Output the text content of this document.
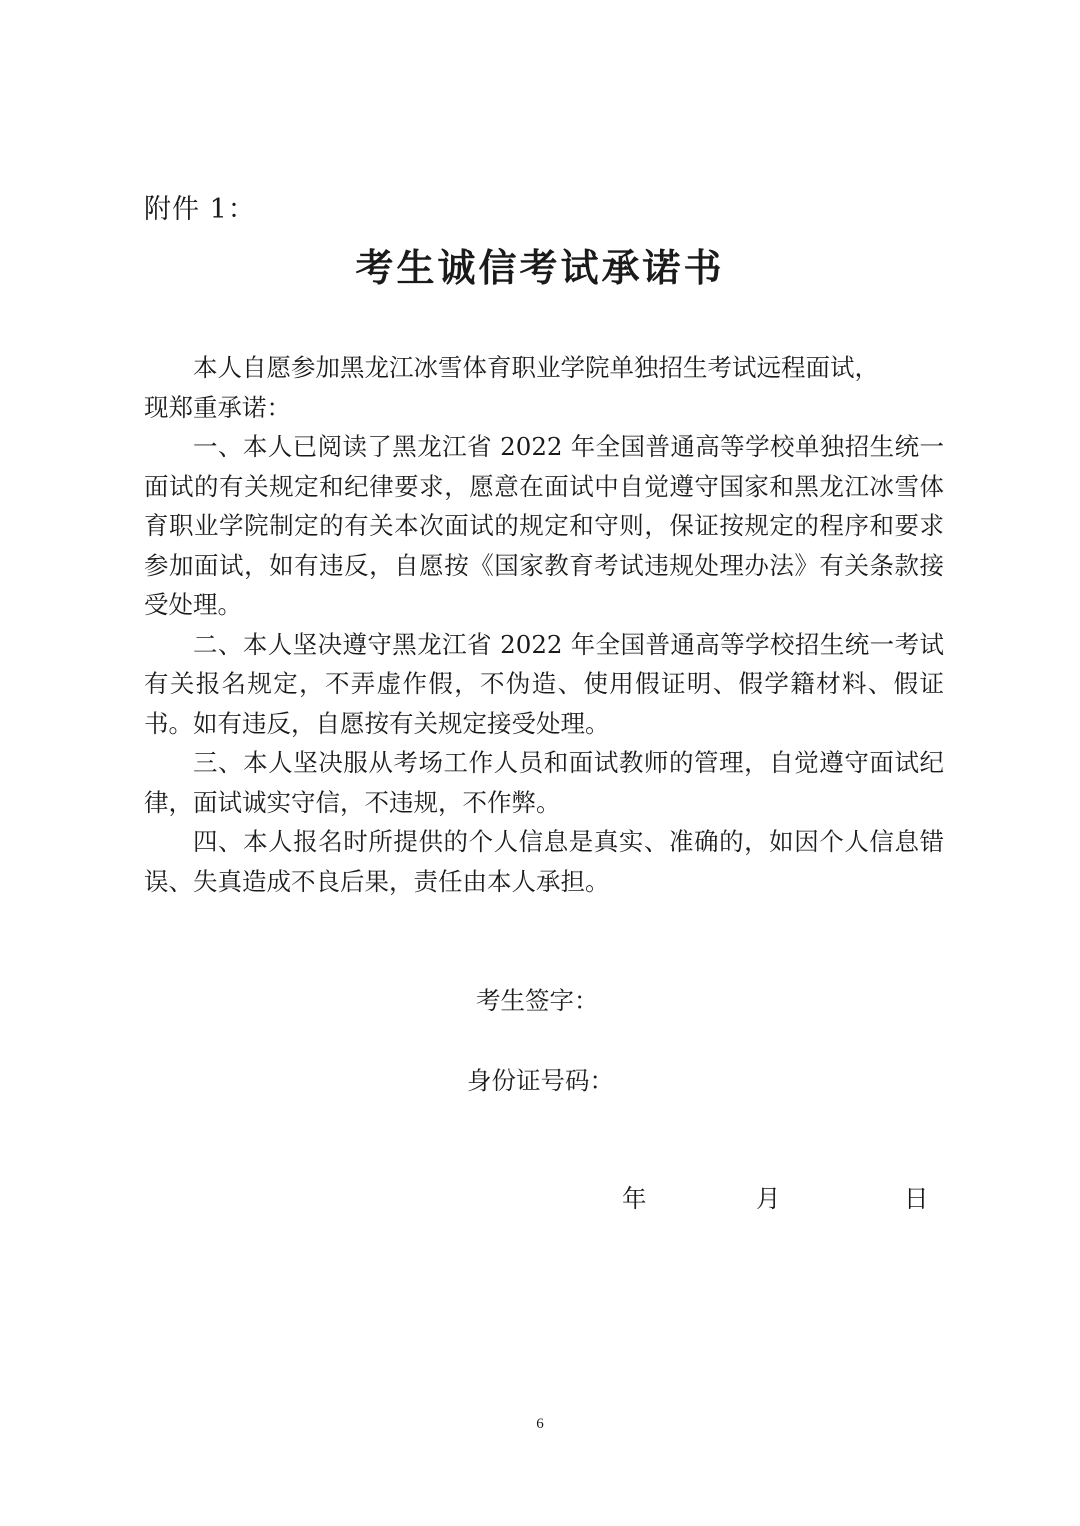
附件 1：
考生诚信考试承诺书

本人自愿参加黑龙江冰雪体育职业学院单独招生考试远程面试，

现郑重承诺：

一、本人已阅读了黑龙江省 2022 年全国普通高等学校单独招生统一面试的有关规定和纪律要求，愿意在面试中自觉遵守国家和黑龙江冰雪体育职业学院制定的有关本次面试的规定和守则，保证按规定的程序和要求参加面试，如有违反，自愿按《国家教育考试违规处理办法》有关条款接受处理。

二、本人坚决遵守黑龙江省 2022 年全国普通高等学校招生统一考试有关报名规定，不弄虚作假，不伪造、使用假证明、假学籍材料、假证书。如有违反，自愿按有关规定接受处理。

三、本人坚决服从考场工作人员和面试教师的管理，自觉遵守面试纪律，面试诚实守信，不违规，不作弊。

四、本人报名时所提供的个人信息是真实、准确的，如因个人信息错误、失真造成不良后果，责任由本人承担。

考生签字：
身份证号码：
年	月	日
6
